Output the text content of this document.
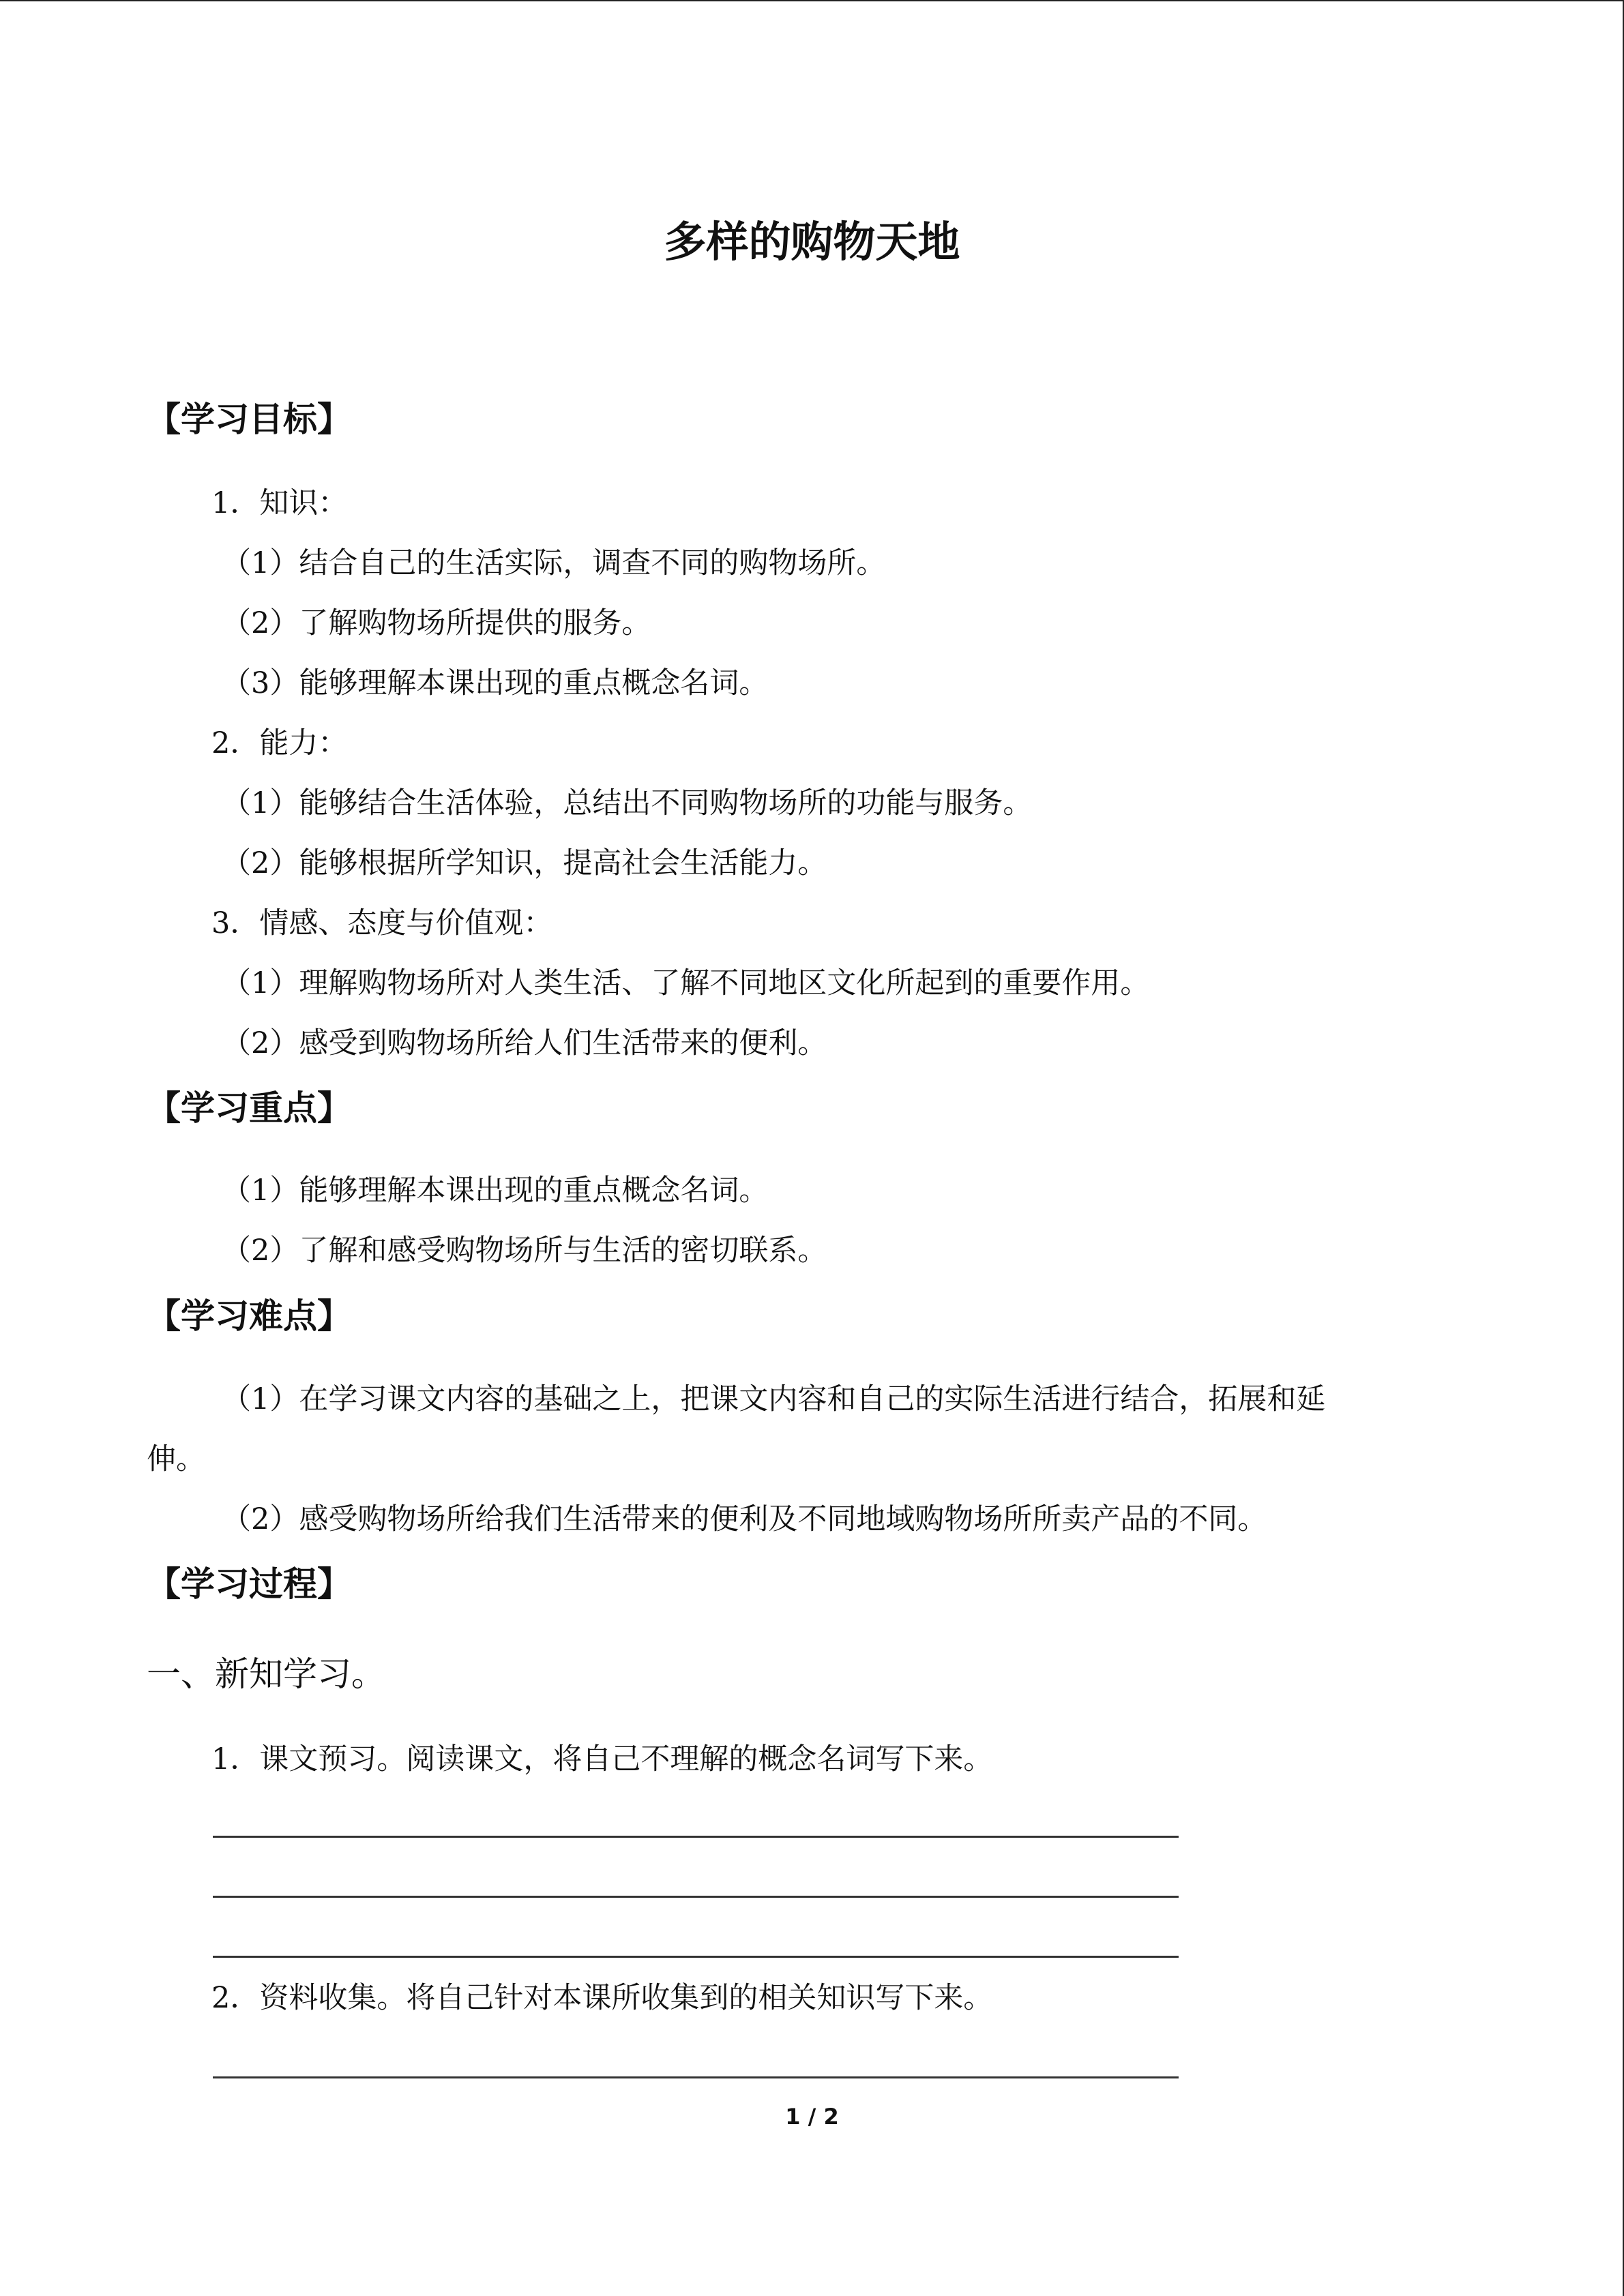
多样的购物天地
【学习目标】
1．知识：
（1）结合自己的生活实际，调查不同的购物场所。
（2）了解购物场所提供的服务。
（3）能够理解本课出现的重点概念名词。
2．能力：
（1）能够结合生活体验，总结出不同购物场所的功能与服务。
（2）能够根据所学知识，提高社会生活能力。
3．情感、态度与价值观：
（1）理解购物场所对人类生活、了解不同地区文化所起到的重要作用。
（2）感受到购物场所给人们生活带来的便利。
【学习重点】
（1）能够理解本课出现的重点概念名词。
（2）了解和感受购物场所与生活的密切联系。
【学习难点】
（1）在学习课文内容的基础之上，把课文内容和自己的实际生活进行结合，拓展和延
伸。
（2）感受购物场所给我们生活带来的便利及不同地域购物场所所卖产品的不同。
【学习过程】
一、新知学习。
1．课文预习。阅读课文，将自己不理解的概念名词写下来。
2．资料收集。将自己针对本课所收集到的相关知识写下来。
1 / 2
